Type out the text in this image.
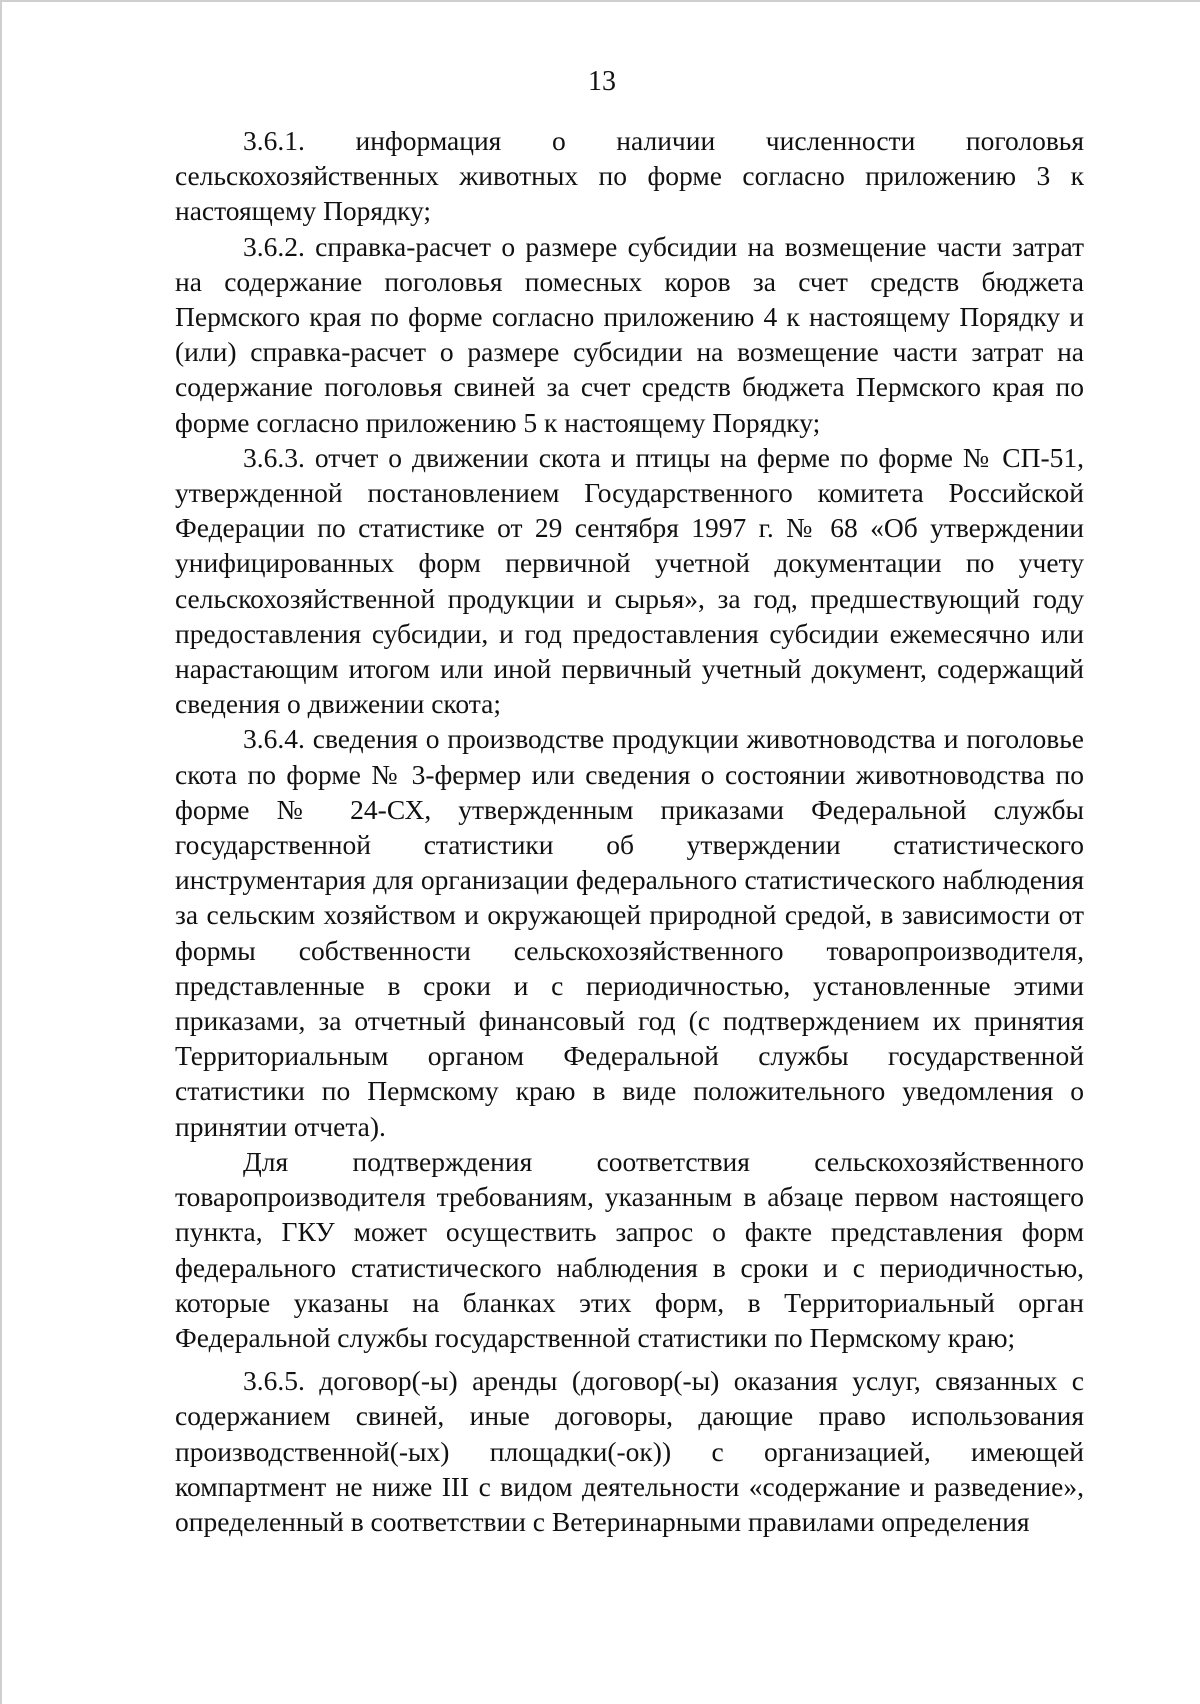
13

3.6.1. информация о наличии численности поголовья сельскохозяйственных животных по форме согласно приложению 3 к настоящему Порядку;

3.6.2. справка-расчет о размере субсидии на возмещение части затрат на содержание поголовья помесных коров за счет средств бюджета Пермского края по форме согласно приложению 4 к настоящему Порядку и (или) справка-расчет о размере субсидии на возмещение части затрат на содержание поголовья свиней за счет средств бюджета Пермского края по форме согласно приложению 5 к настоящему Порядку;

3.6.3. отчет о движении скота и птицы на ферме по форме № СП-51, утвержденной постановлением Государственного комитета Российской Федерации по статистике от 29 сентября 1997 г. № 68 «Об утверждении унифицированных форм первичной учетной документации по учету сельскохозяйственной продукции и сырья», за год, предшествующий году предоставления субсидии, и год предоставления субсидии ежемесячно или нарастающим итогом или иной первичный учетный документ, содержащий сведения о движении скота;

3.6.4. сведения о производстве продукции животноводства и поголовье скота по форме № 3-фермер или сведения о состоянии животноводства по форме № 24-СХ, утвержденным приказами Федеральной службы государственной статистики об утверждении статистического инструментария для организации федерального статистического наблюдения за сельским хозяйством и окружающей природной средой, в зависимости от формы собственности сельскохозяйственного товаропроизводителя, представленные в сроки и с периодичностью, установленные этими приказами, за отчетный финансовый год (с подтверждением их принятия Территориальным органом Федеральной службы государственной статистики по Пермскому краю в виде положительного уведомления о принятии отчета).

Для подтверждения соответствия сельскохозяйственного товаропроизводителя требованиям, указанным в абзаце первом настоящего пункта, ГКУ может осуществить запрос о факте представления форм федерального статистического наблюдения в сроки и с периодичностью, которые указаны на бланках этих форм, в Территориальный орган Федеральной службы государственной статистики по Пермскому краю;

3.6.5. договор(-ы) аренды (договор(-ы) оказания услуг, связанных с содержанием свиней, иные договоры, дающие право использования производственной(-ых) площадки(-ок)) с организацией, имеющей компартмент не ниже III с видом деятельности «содержание и разведение», определенный в соответствии с Ветеринарными правилами определения
